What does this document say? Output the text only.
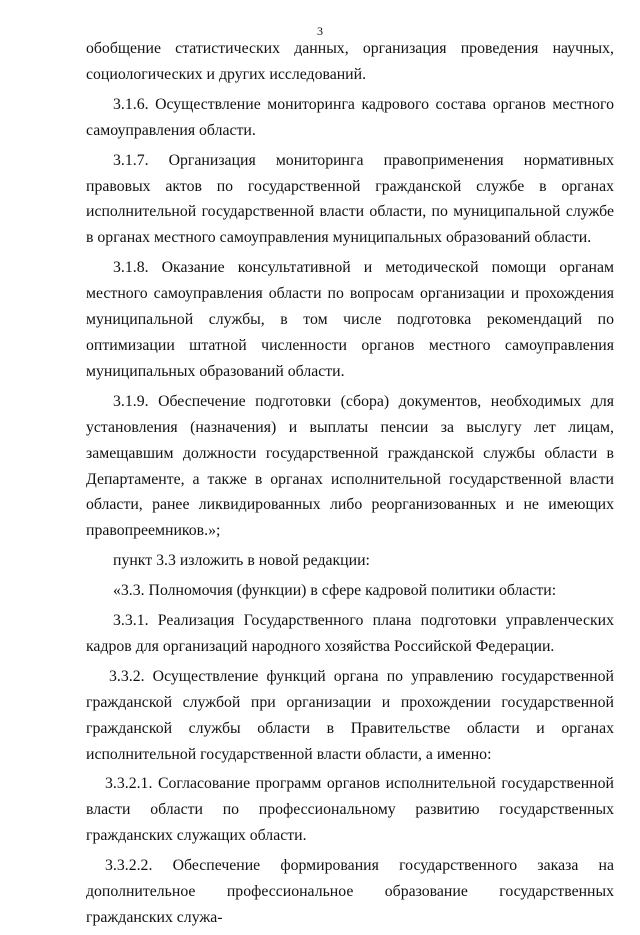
3

обобщение статистических данных, организация проведения научных, социологических и других исследований.

3.1.6. Осуществление мониторинга кадрового состава органов местного самоуправления области.

3.1.7. Организация мониторинга правоприменения нормативных правовых актов по государственной гражданской службе в органах исполнительной государственной власти области, по муниципальной службе в органах местного самоуправления муниципальных образований области.

3.1.8. Оказание консультативной и методической помощи органам местного самоуправления области по вопросам организации и прохождения муниципальной службы, в том числе подготовка рекомендаций по оптимизации штатной численности органов местного самоуправления муниципальных образований области.

3.1.9. Обеспечение подготовки (сбора) документов, необходимых для установления (назначения) и выплаты пенсии за выслугу лет лицам, замещавшим должности государственной гражданской службы области в Департаменте, а также в органах исполнительной государственной власти области, ранее ликвидированных либо реорганизованных и не имеющих правопреемников.»;

пункт 3.3 изложить в новой редакции:

«3.3. Полномочия (функции) в сфере кадровой политики области:

3.3.1. Реализация Государственного плана подготовки управленческих кадров для организаций народного хозяйства Российской Федерации.

3.3.2. Осуществление функций органа по управлению государственной гражданской службой при организации и прохождении государственной гражданской службы области в Правительстве области и органах исполнительной государственной власти области, а именно:

3.3.2.1. Согласование программ органов исполнительной государственной власти области по профессиональному развитию государственных гражданских служащих области.

3.3.2.2. Обеспечение формирования государственного заказа на дополнительное профессиональное образование государственных гражданских служа-
